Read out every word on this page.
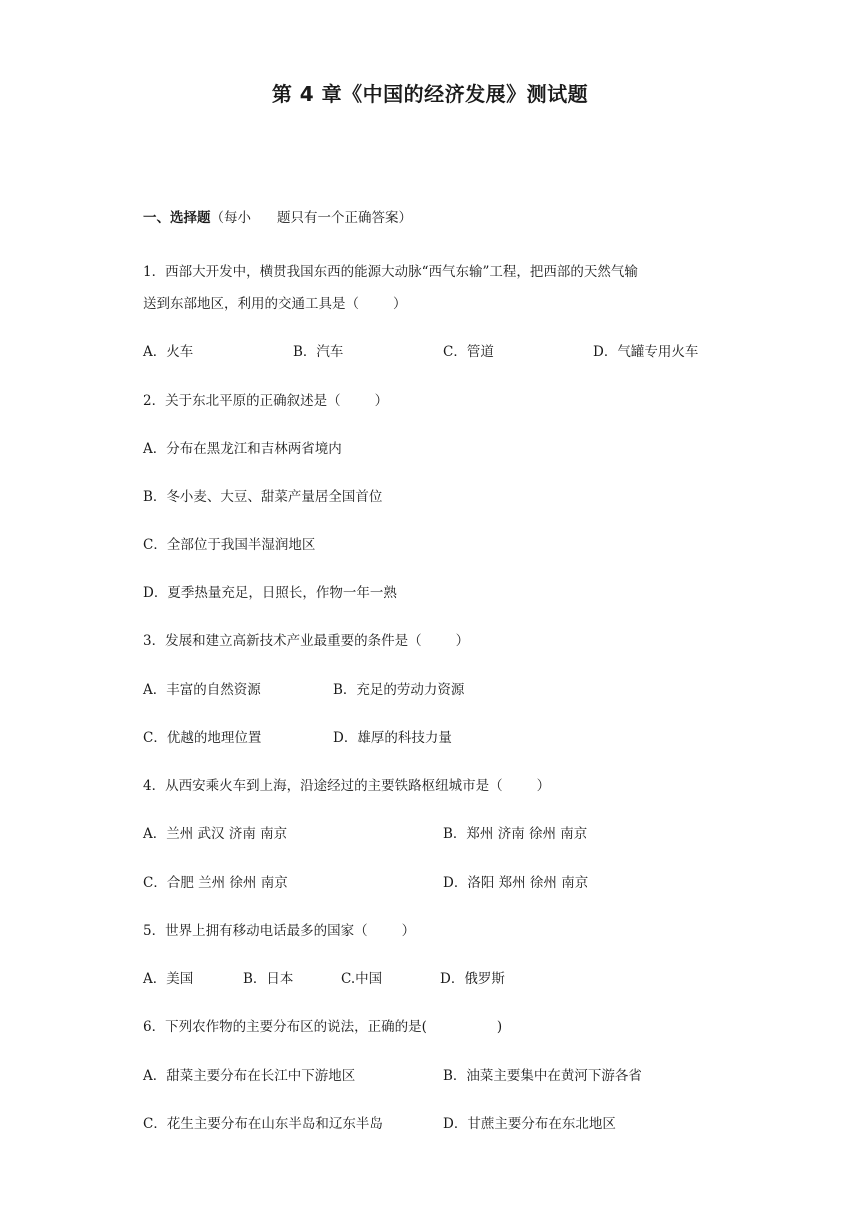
第 4 章《中国的经济发展》测试题
一、选择题（每小 题只有一个正确答案）
1．西部大开发中，横贯我国东西的能源大动脉“西气东输”工程，把西部的天然气输
送到东部地区，利用的交通工具是（	）
A．火车	B．汽车	C．管道	D．气罐专用火车
2．关于东北平原的正确叙述是（	）
A．分布在黑龙江和吉林两省境内
B．冬小麦、大豆、甜菜产量居全国首位
C．全部位于我国半湿润地区
D．夏季热量充足，日照长，作物一年一熟
3．发展和建立高新技术产业最重要的条件是（	）
A．丰富的自然资源	B．充足的劳动力资源
C．优越的地理位置	D．雄厚的科技力量
4．从西安乘火车到上海，沿途经过的主要铁路枢纽城市是（	）
A．兰州 武汉 济南 南京	B．郑州 济南 徐州 南京
C．合肥 兰州 徐州 南京	D．洛阳 郑州 徐州 南京
5．世界上拥有移动电话最多的国家（	）
A．美国	B．日本	C.中国	D．俄罗斯
6．下列农作物的主要分布区的说法，正确的是(	)
A．甜菜主要分布在长江中下游地区	B．油菜主要集中在黄河下游各省
C．花生主要分布在山东半岛和辽东半岛	D．甘蔗主要分布在东北地区
